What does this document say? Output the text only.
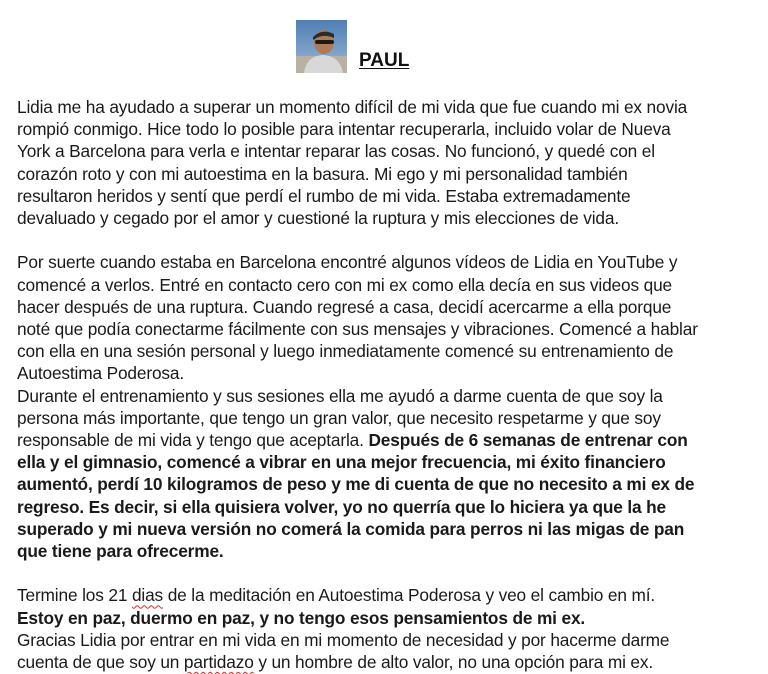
PAUL
Lidia me ha ayudado a superar un momento difícil de mi vida que fue cuando mi ex novia
rompió conmigo. Hice todo lo posible para intentar recuperarla, incluido volar de Nueva
York a Barcelona para verla e intentar reparar las cosas. No funcionó, y quedé con el
corazón roto y con mi autoestima en la basura. Mi ego y mi personalidad también
resultaron heridos y sentí que perdí el rumbo de mi vida. Estaba extremadamente
devaluado y cegado por el amor y cuestioné la ruptura y mis elecciones de vida.
Por suerte cuando estaba en Barcelona encontré algunos vídeos de Lidia en YouTube y
comencé a verlos. Entré en contacto cero con mi ex como ella decía en sus videos que
hacer después de una ruptura. Cuando regresé a casa, decidí acercarme a ella porque
noté que podía conectarme fácilmente con sus mensajes y vibraciones. Comencé a hablar
con ella en una sesión personal y luego inmediatamente comencé su entrenamiento de
Autoestima Poderosa.
Durante el entrenamiento y sus sesiones ella me ayudó a darme cuenta de que soy la
persona más importante, que tengo un gran valor, que necesito respetarme y que soy
responsable de mi vida y tengo que aceptarla. Después de 6 semanas de entrenar con
ella y el gimnasio, comencé a vibrar en una mejor frecuencia, mi éxito financiero
aumentó, perdí 10 kilogramos de peso y me di cuenta de que no necesito a mi ex de
regreso. Es decir, si ella quisiera volver, yo no querría que lo hiciera ya que la he
superado y mi nueva versión no comerá la comida para perros ni las migas de pan
que tiene para ofrecerme.
Termine los 21 dias de la meditación en Autoestima Poderosa y veo el cambio en mí.
Estoy en paz, duermo en paz, y no tengo esos pensamientos de mi ex.
Gracias Lidia por entrar en mi vida en mi momento de necesidad y por hacerme darme
cuenta de que soy un partidazo y un hombre de alto valor, no una opción para mi ex.
